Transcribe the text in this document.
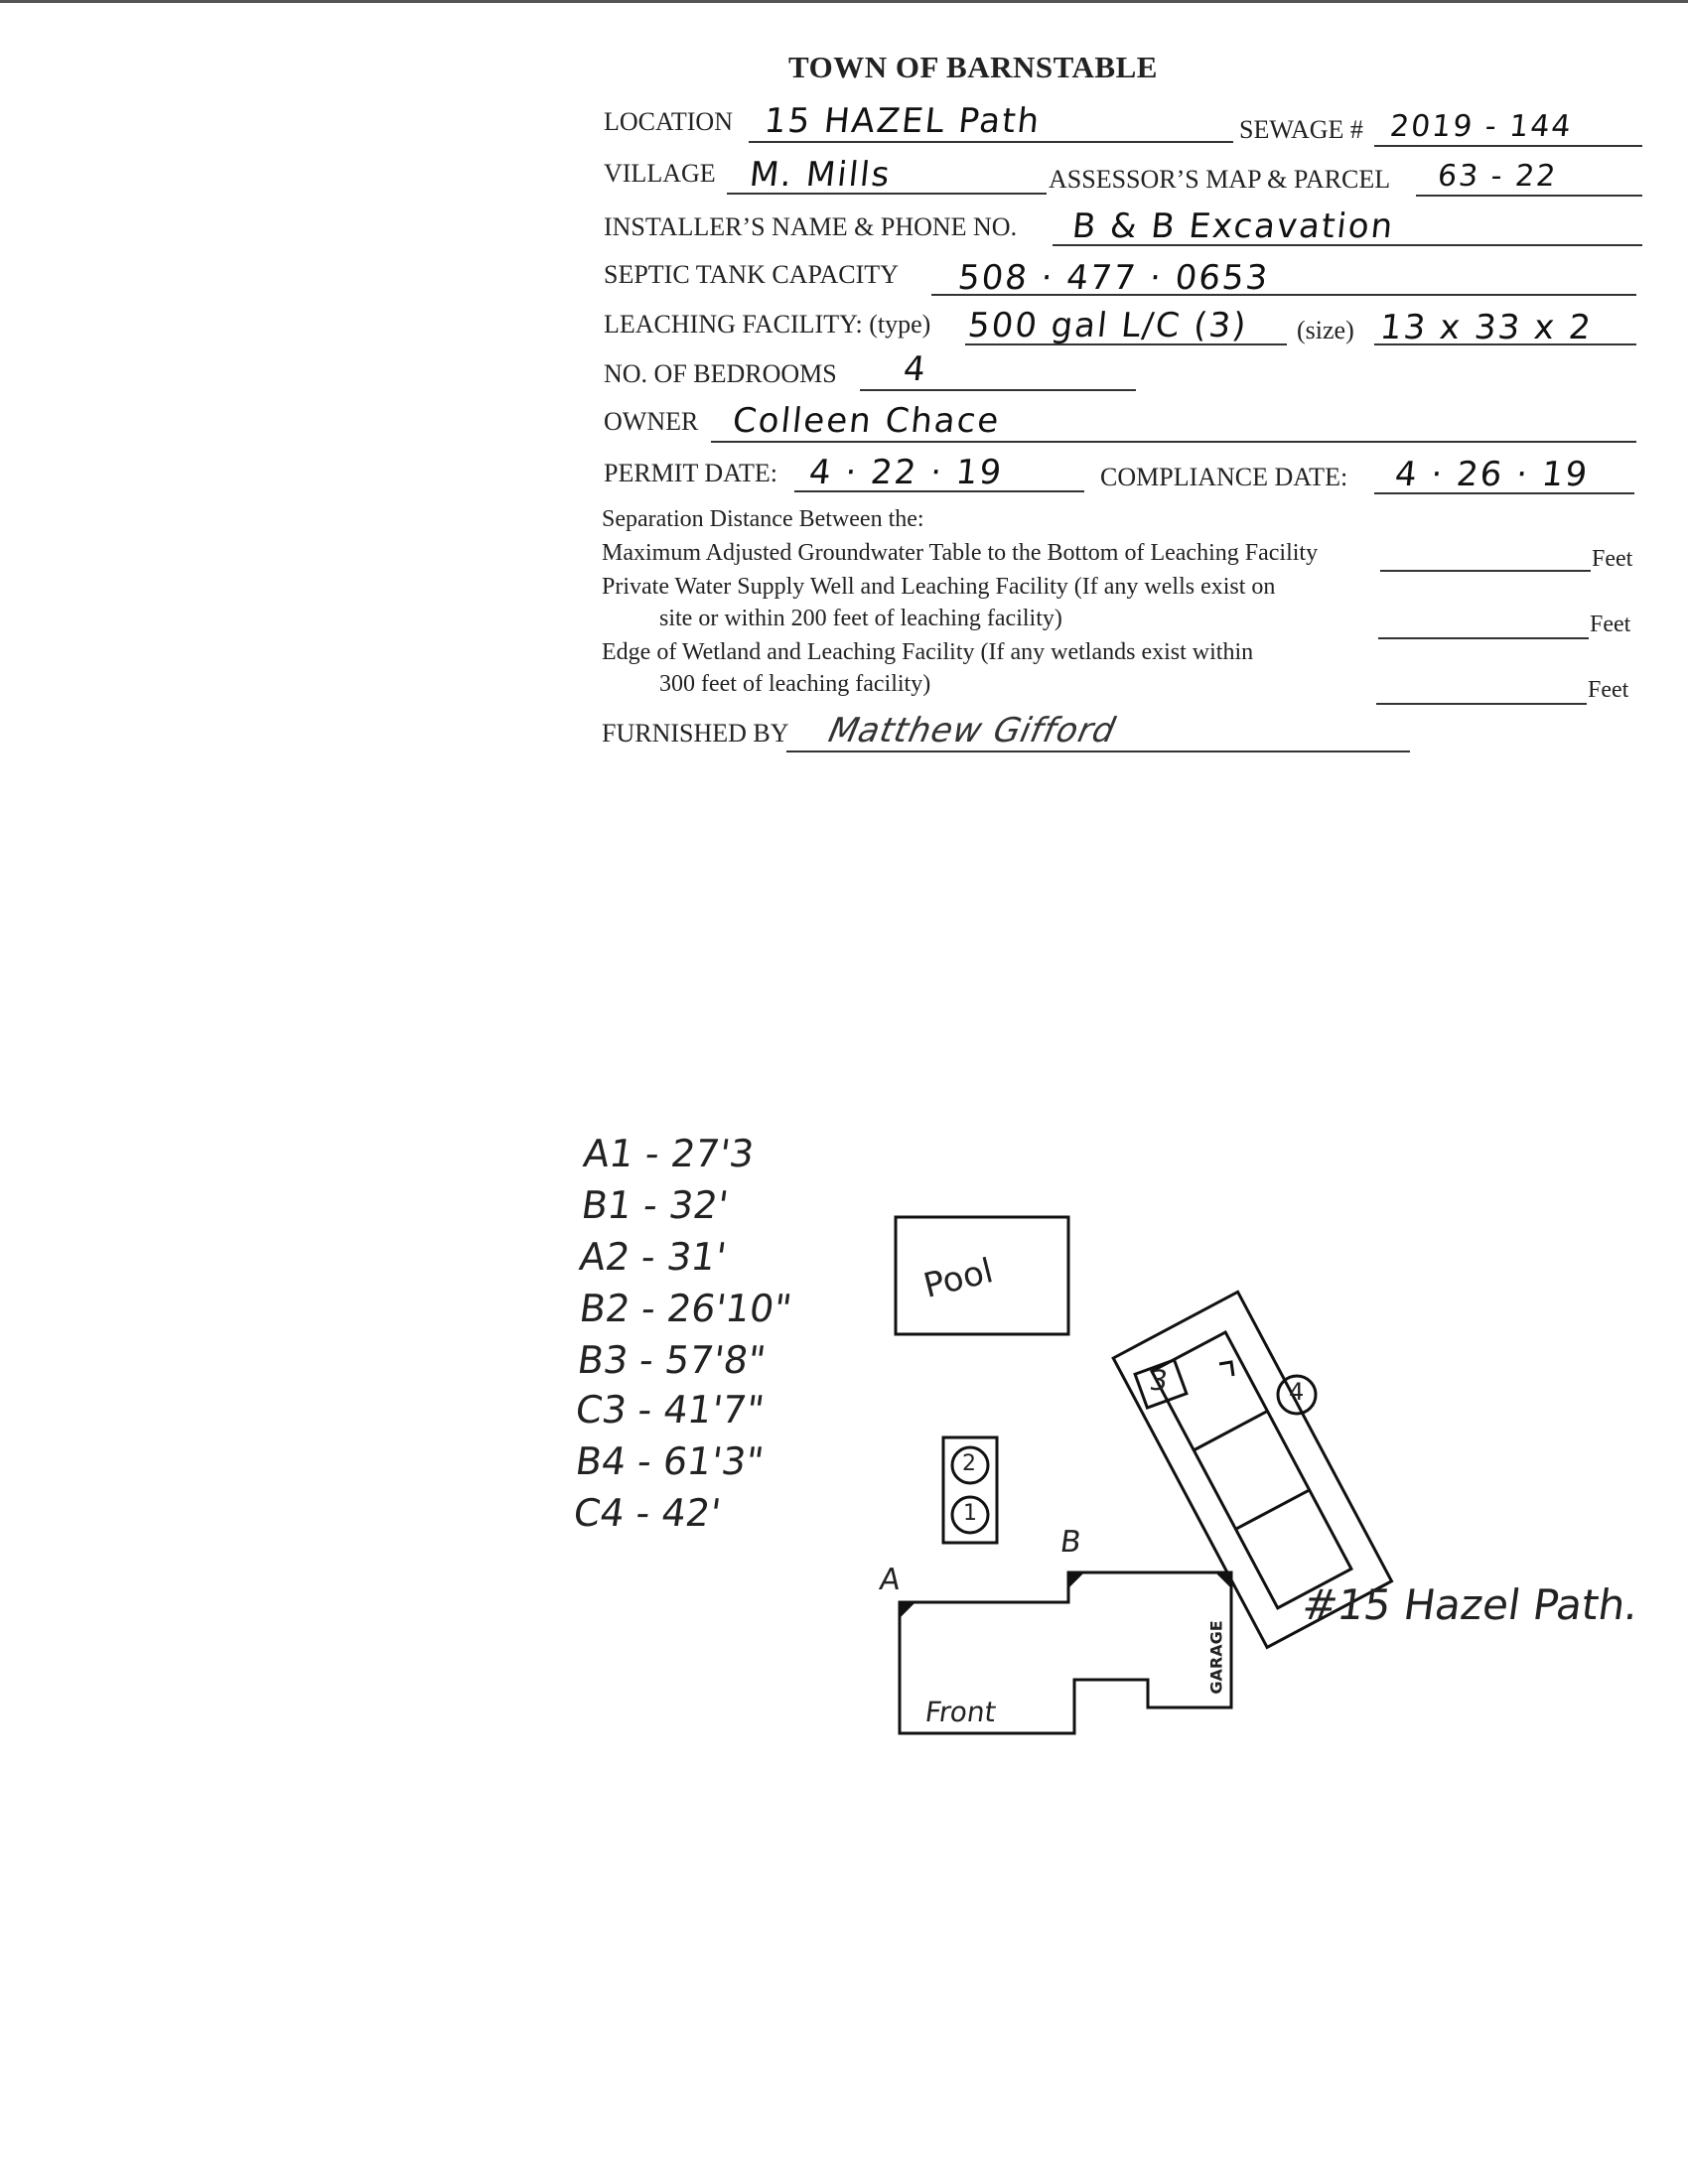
TOWN OF BARNSTABLE
LOCATION 15 HAZEL Path	SEWAGE # 2019 - 144
VILLAGE M. Mills	ASSESSOR’S MAP & PARCEL 63 - 22
INSTALLER’S NAME & PHONE NO. B & B Excavation
SEPTIC TANK CAPACITY 508 · 477 · 0653
LEACHING FACILITY: (type) 500 gal L/C (3) (size) 13 x 33 x 2
NO. OF BEDROOMS 4
OWNER Colleen Chace
PERMIT DATE: 4 · 22 · 19	COMPLIANCE DATE: 4 · 26 · 19
Separation Distance Between the:
Maximum Adjusted Groundwater Table to the Bottom of Leaching Facility	Feet
Private Water Supply Well and Leaching Facility (If any wells exist on
site or within 200 feet of leaching facility)	Feet
Edge of Wetland and Leaching Facility (If any wetlands exist within
300 feet of leaching facility)	Feet
FURNISHED BY Matthew Gifford
A1 - 27'3
B1 - 32'
A2 - 31'
B2 - 26'10"
B3 - 57'8"
C3 - 41'7"
B4 - 61'3"
C4 - 42'
Pool
3	4
2
1
A
B
Front
GARAGE
#15 Hazel Path.
